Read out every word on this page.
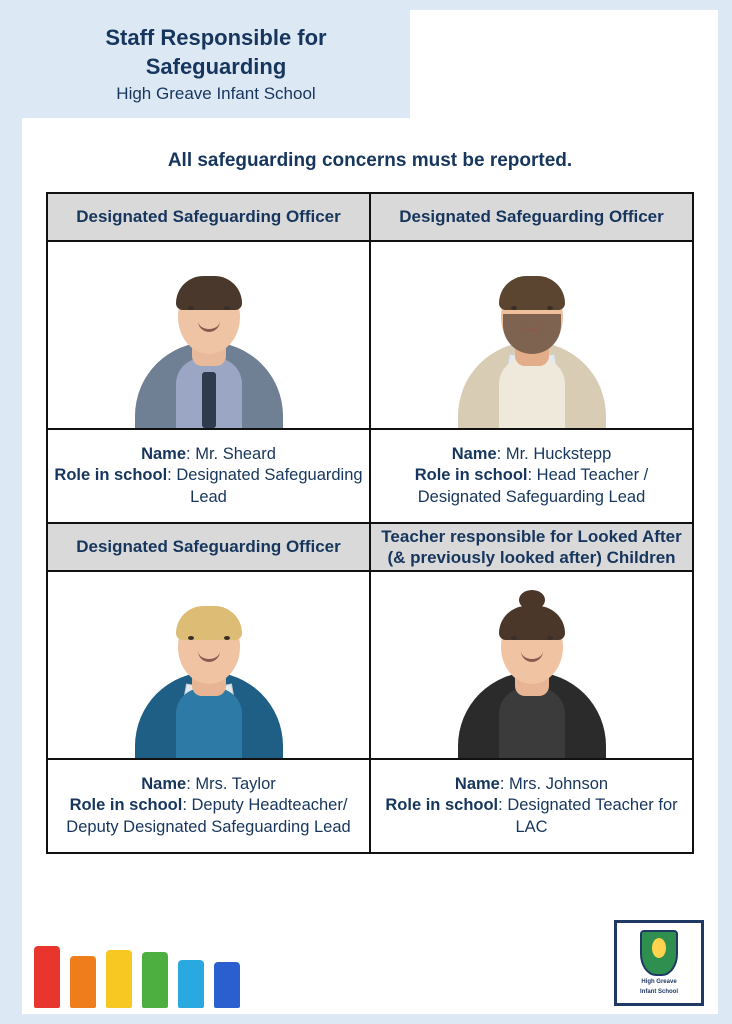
Staff Responsible for Safeguarding
High Greave Infant School
All safeguarding concerns must be reported.
Designated Safeguarding Officer	Designated Safeguarding Officer

Name: Mr. Sheard
Role in school: Designated Safeguarding Lead

Name: Mr. Huckstepp
Role in school: Head Teacher / Designated Safeguarding Lead

Designated Safeguarding Officer	Teacher responsible for Looked After (& previously looked after) Children

Name: Mrs. Taylor
Role in school: Deputy Headteacher/ Deputy Designated Safeguarding Lead

Name: Mrs. Johnson
Role in school: Designated Teacher for LAC
High Greave
Infant School
